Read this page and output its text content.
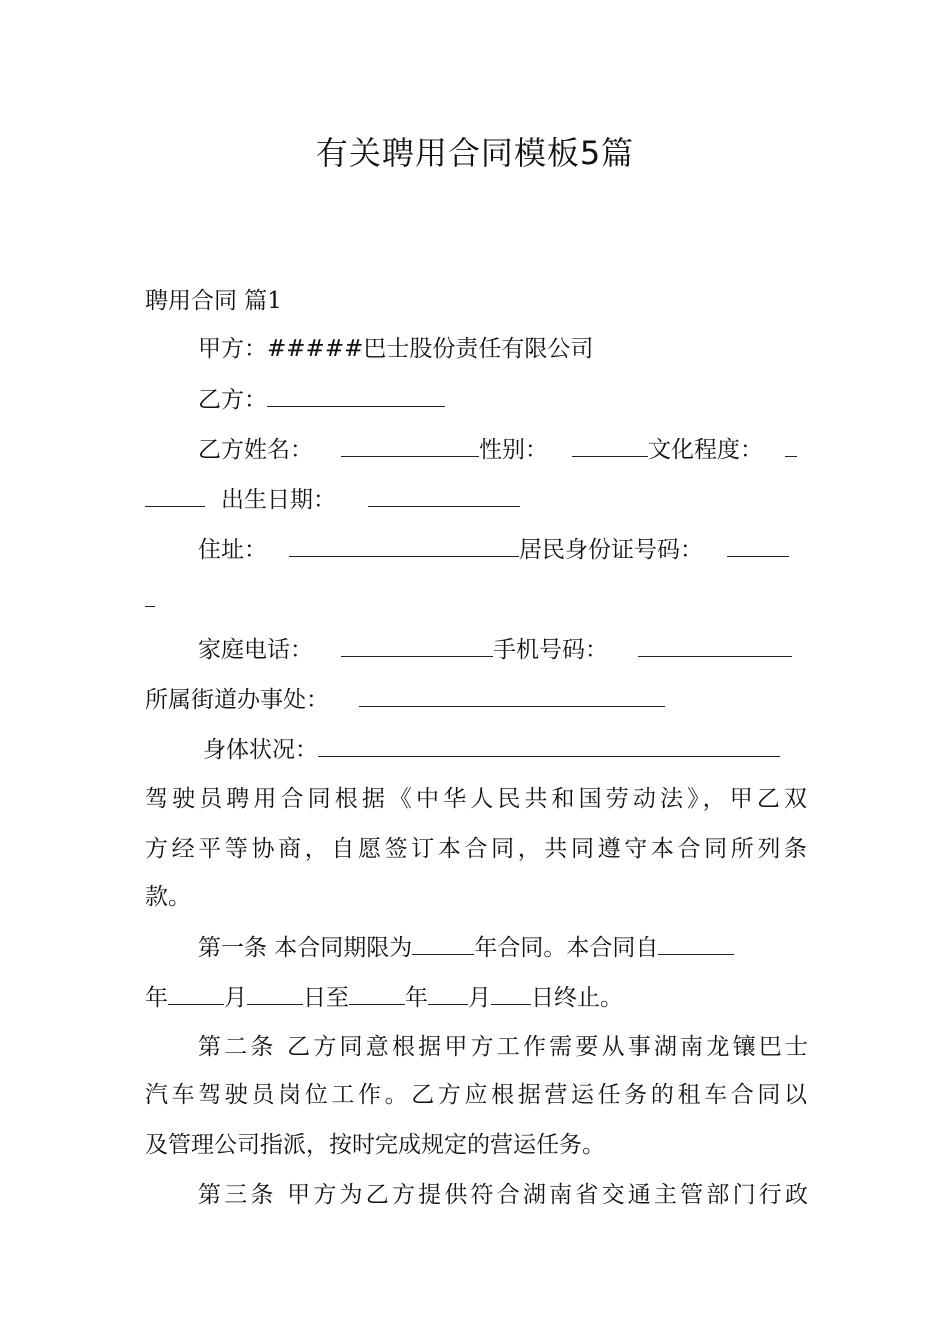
有关聘用合同模板5篇
聘用合同 篇1
甲方：#####巴士股份责任有限公司
乙方：
乙方姓名：	性别：	文化程度：
出生日期：
住址：	居民身份证号码：
家庭电话：	手机号码：
所属街道办事处：
身体状况：
驾驶员聘用合同根据《中华人民共和国劳动法》，甲乙双
方经平等协商，自愿签订本合同，共同遵守本合同所列条
款。
第一条 本合同期限为	年合同。本合同自
年 月 日至 年 月 日终止。
第二条 乙方同意根据甲方工作需要从事湖南龙镶巴士
汽车驾驶员岗位工作。乙方应根据营运任务的租车合同以
及管理公司指派，按时完成规定的营运任务。
第三条 甲方为乙方提供符合湖南省交通主管部门行政
